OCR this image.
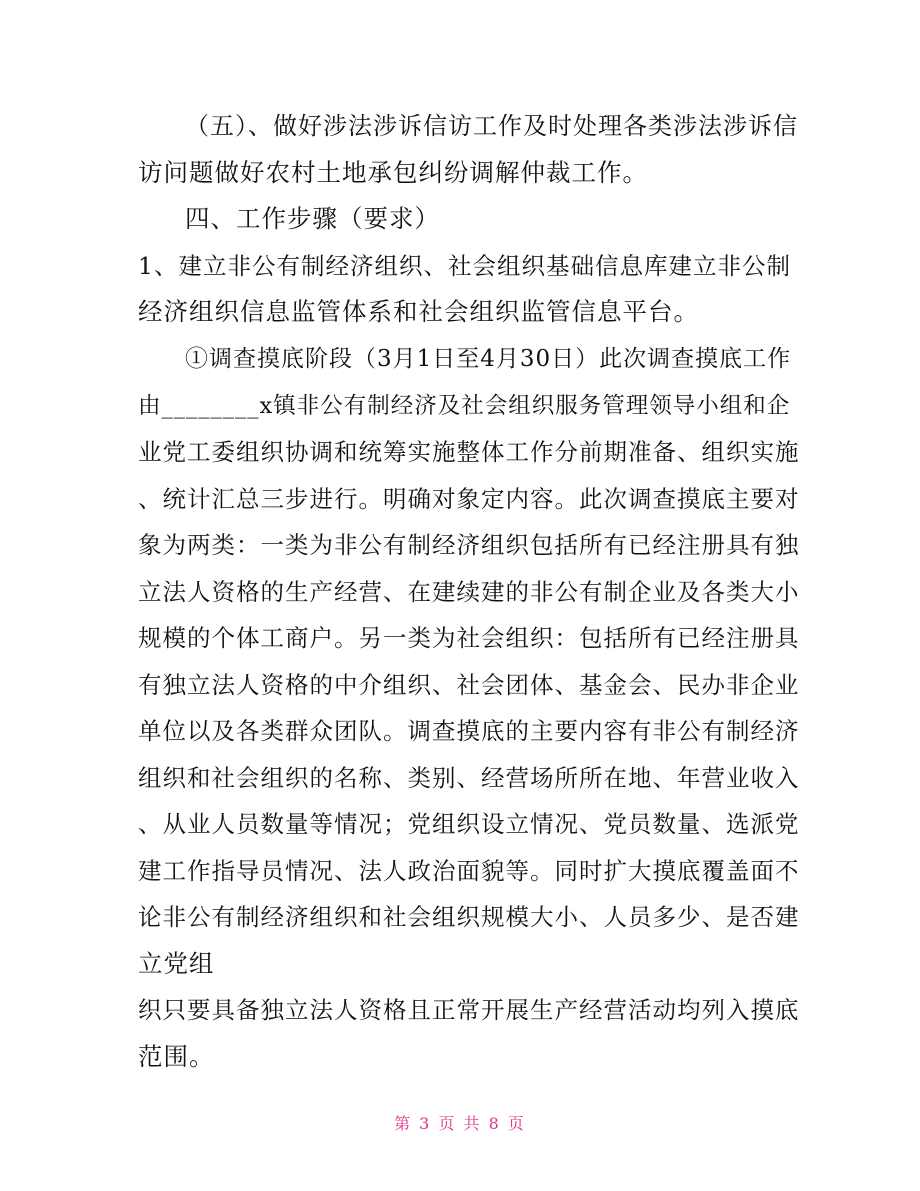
（五）、做好涉法涉诉信访工作及时处理各类涉法涉诉信
访问题做好农村土地承包纠纷调解仲裁工作。
四、工作步骤（要求）
1、建立非公有制经济组织、社会组织基础信息库建立非公制
经济组织信息监管体系和社会组织监管信息平台。
①调查摸底阶段（3月1日至4月30日）此次调查摸底工作
由________x镇非公有制经济及社会组织服务管理领导小组和企
业党工委组织协调和统筹实施整体工作分前期准备、组织实施
、统计汇总三步进行。明确对象定内容。此次调查摸底主要对
象为两类：一类为非公有制经济组织包括所有已经注册具有独
立法人资格的生产经营、在建续建的非公有制企业及各类大小
规模的个体工商户。另一类为社会组织：包括所有已经注册具
有独立法人资格的中介组织、社会团体、基金会、民办非企业
单位以及各类群众团队。调查摸底的主要内容有非公有制经济
组织和社会组织的名称、类别、经营场所所在地、年营业收入
、从业人员数量等情况；党组织设立情况、党员数量、选派党
建工作指导员情况、法人政治面貌等。同时扩大摸底覆盖面不
论非公有制经济组织和社会组织规模大小、人员多少、是否建
立党组
织只要具备独立法人资格且正常开展生产经营活动均列入摸底
范围。
第 3 页 共 8 页
